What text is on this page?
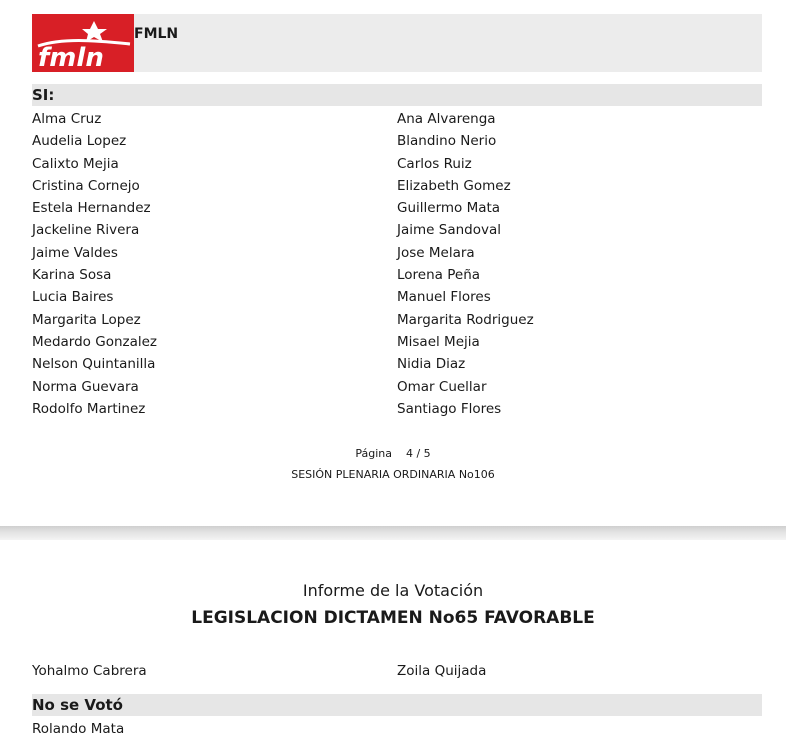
fmln
FMLN
SI:
Alma Cruz
Audelia Lopez
Calixto Mejia
Cristina Cornejo
Estela Hernandez
Jackeline Rivera
Jaime Valdes
Karina Sosa
Lucia Baires
Margarita Lopez
Medardo Gonzalez
Nelson Quintanilla
Norma Guevara
Rodolfo Martinez
Ana Alvarenga
Blandino Nerio
Carlos Ruiz
Elizabeth Gomez
Guillermo Mata
Jaime Sandoval
Jose Melara
Lorena Peña
Manuel Flores
Margarita Rodriguez
Misael Mejia
Nidia Diaz
Omar Cuellar
Santiago Flores
Página 4 / 5
SESIÓN PLENARIA ORDINARIA No106
Informe de la Votación
LEGISLACION DICTAMEN No65 FAVORABLE
Yohalmo Cabrera	Zoila Quijada
No se Votó
Rolando Mata
